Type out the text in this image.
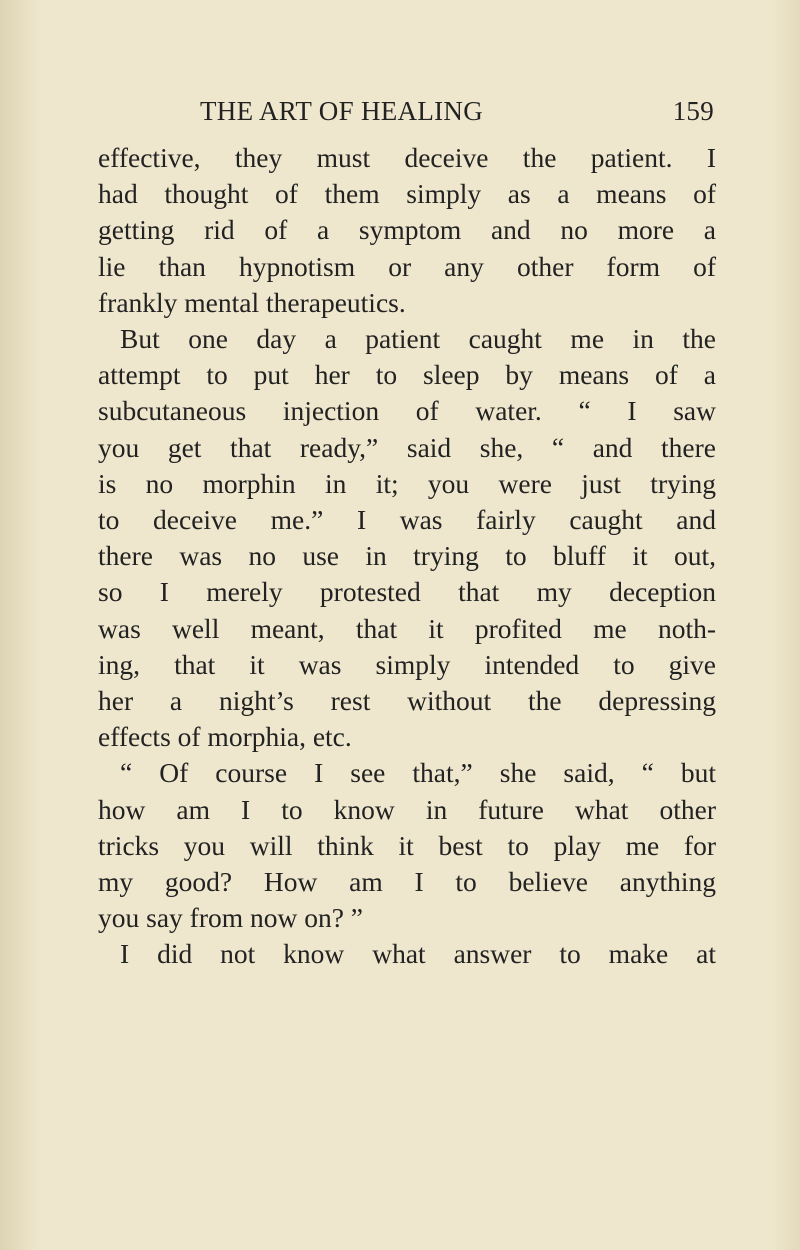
THE ART OF HEALING	159
effective, they must deceive the patient. I
had thought of them simply as a means of
getting rid of a symptom and no more a
lie than hypnotism or any other form of
frankly mental therapeutics.
But one day a patient caught me in the
attempt to put her to sleep by means of a
subcutaneous injection of water. “ I saw
you get that ready,” said she, “ and there
is no morphin in it; you were just trying
to deceive me.” I was fairly caught and
there was no use in trying to bluff it out,
so I merely protested that my deception
was well meant, that it profited me noth-
ing, that it was simply intended to give
her a night’s rest without the depressing
effects of morphia, etc.
“ Of course I see that,” she said, “ but
how am I to know in future what other
tricks you will think it best to play me for
my good? How am I to believe anything
you say from now on? ”
I did not know what answer to make at
